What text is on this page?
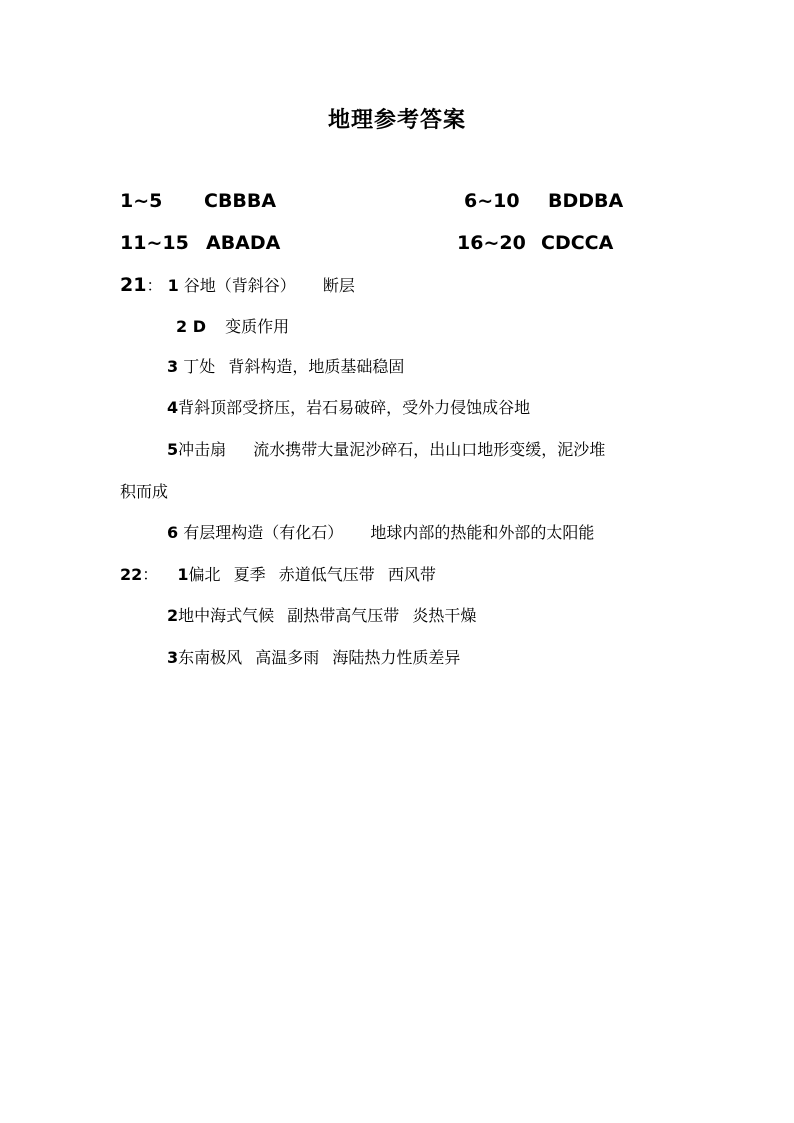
地理参考答案
1~5 CBBBA	6~10 BDDBA
11~15 ABADA	16~20 CDCCA
21： 1 谷地（背斜谷） 断层
2 D 变质作用
3 丁处 背斜构造，地质基础稳固
4背斜顶部受挤压，岩石易破碎，受外力侵蚀成谷地
5冲击扇 流水携带大量泥沙碎石，出山口地形变缓，泥沙堆
积而成
6 有层理构造（有化石） 地球内部的热能和外部的太阳能
22： 1偏北 夏季 赤道低气压带 西风带
2地中海式气候 副热带高气压带 炎热干燥
3东南极风 高温多雨 海陆热力性质差异
